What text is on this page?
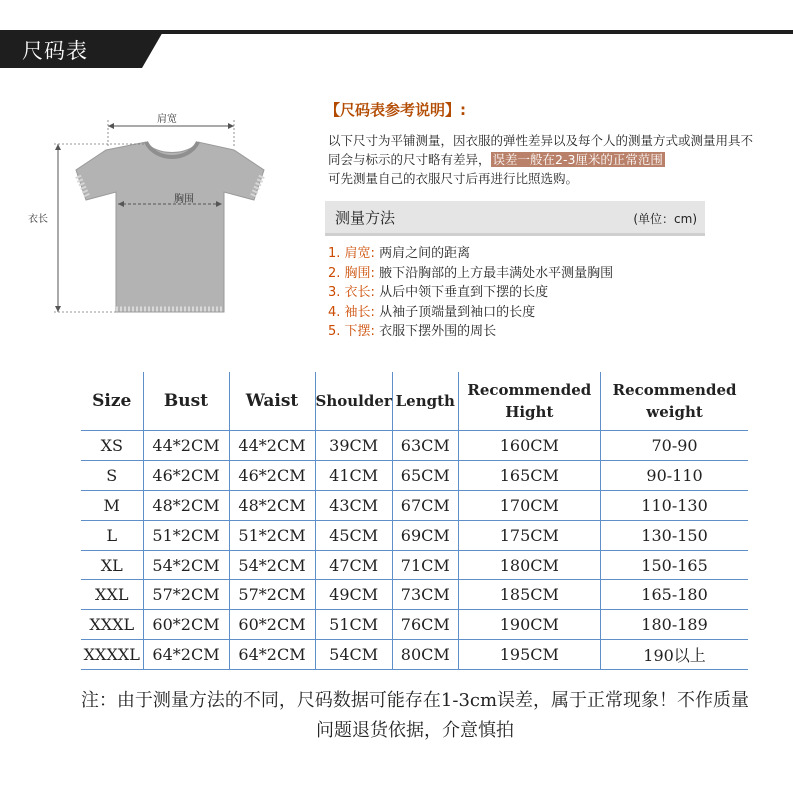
尺码表
肩宽
胸围
衣长
【尺码表参考说明】:
以下尺寸为平铺测量，因衣服的弹性差异以及每个人的测量方式或测量用具不同会与标示的尺寸略有差异， 误差一般在2-3厘米的正常范围
可先测量自己的衣服尺寸后再进行比照选购。
测量方法	(单位：cm)
1. 肩宽: 两肩之间的距离
2. 胸围: 腋下沿胸部的上方最丰满处水平测量胸围
3. 衣长: 从后中领下垂直到下摆的长度
4. 袖长: 从袖子顶端量到袖口的长度
5. 下摆: 衣服下摆外围的周长
Size	Bust	Waist	Shoulder	Length	Recommended Hight	Recommended weight
XS	44*2CM	44*2CM	39CM	63CM	160CM	70-90
S	46*2CM	46*2CM	41CM	65CM	165CM	90-110
M	48*2CM	48*2CM	43CM	67CM	170CM	110-130
L	51*2CM	51*2CM	45CM	69CM	175CM	130-150
XL	54*2CM	54*2CM	47CM	71CM	180CM	150-165
XXL	57*2CM	57*2CM	49CM	73CM	185CM	165-180
XXXL	60*2CM	60*2CM	51CM	76CM	190CM	180-189
XXXXL	64*2CM	64*2CM	54CM	80CM	195CM	190以上
注：由于测量方法的不同，尺码数据可能存在1-3cm误差，属于正常现象！不作质量问题退货依据，介意慎拍
